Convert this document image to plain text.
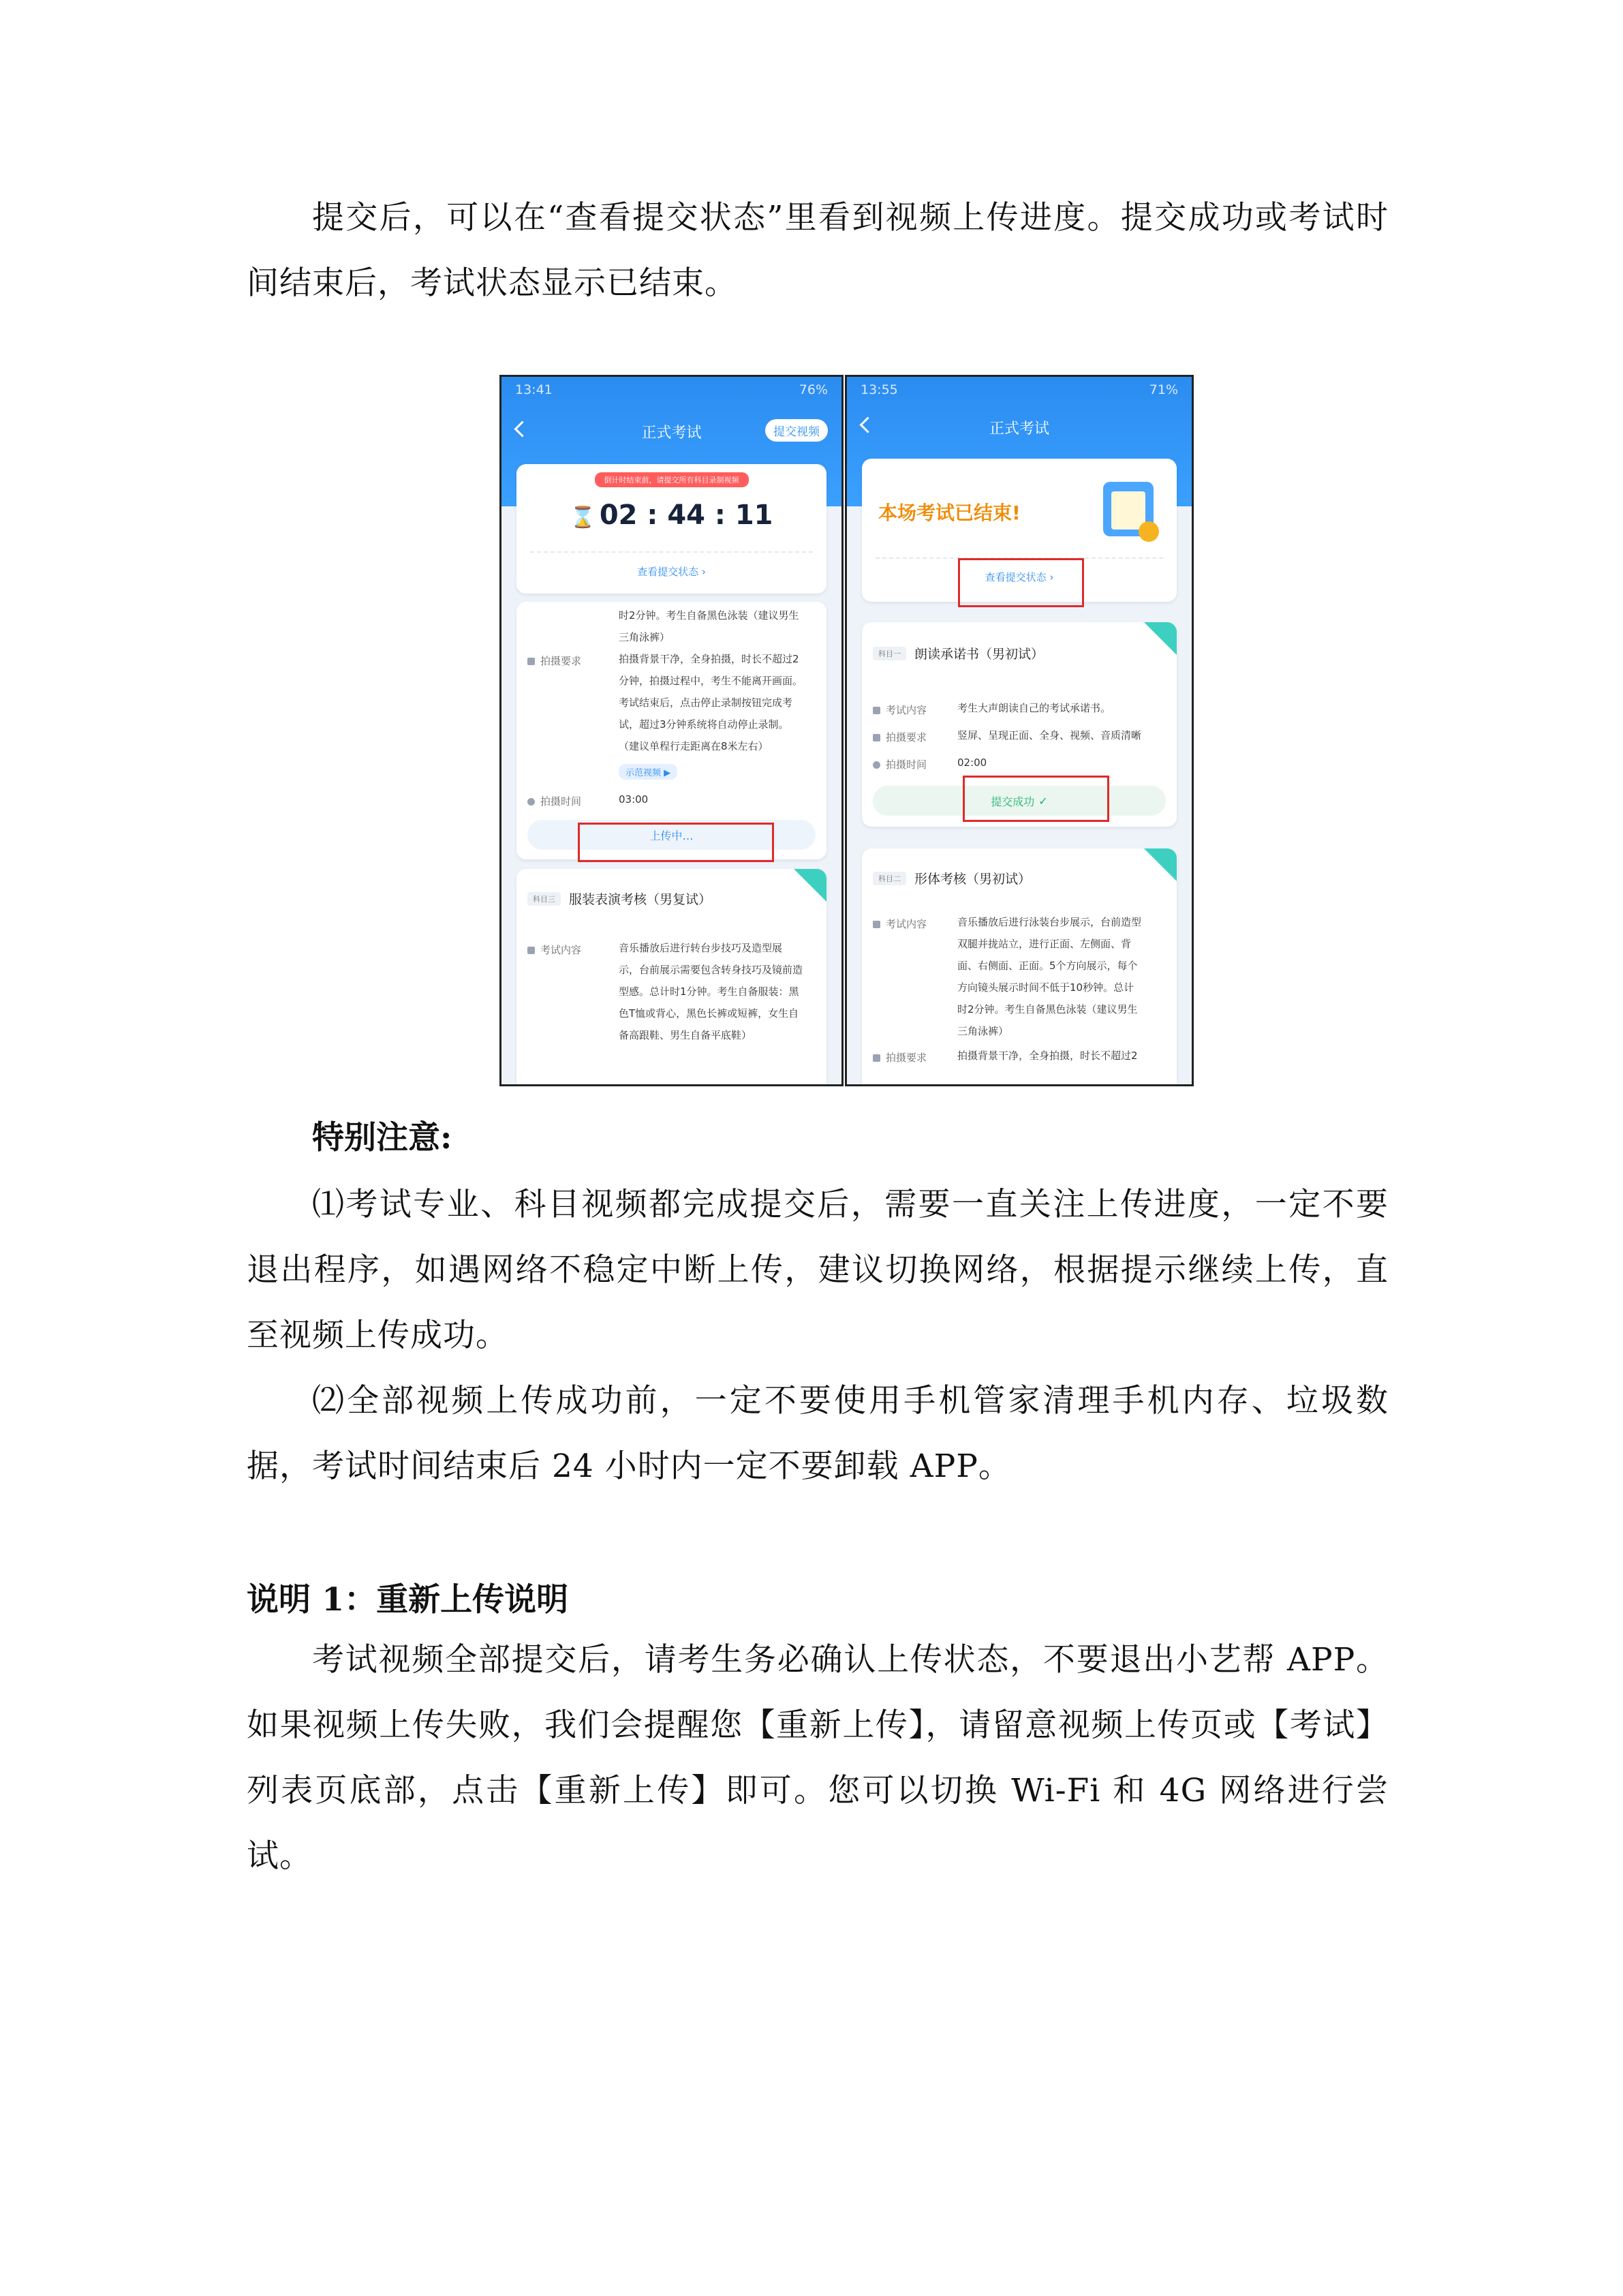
提交后，可以在“查看提交状态”里看到视频上传进度。提交成功或考试时间结束后，考试状态显示已结束。

13:41	76%
正式考试	提交视频
倒计时结束前，请提交所有科目录制视频
⌛ 02 : 44 : 11
查看提交状态 ›
时2分钟。考生自备黑色泳装（建议男生
三角泳裤）
拍摄要求	拍摄背景干净，全身拍摄，时长不超过2
分钟，拍摄过程中，考生不能离开画面。
考试结束后，点击停止录制按钮完成考
试，超过3分钟系统将自动停止录制。
（建议单程行走距离在8米左右）
示范视频 ▶
拍摄时间	03:00
上传中…
科目三 服装表演考核（男复试）
考试内容	音乐播放后进行转台步技巧及造型展
示，台前展示需要包含转身技巧及镜前造
型感。总计时1分钟。考生自备服装：黑
色T恤或背心，黑色长裤或短裤，女生自
备高跟鞋、男生自备平底鞋）
13:55	71%
正式考试
本场考试已结束!
查看提交状态 ›
科目一 朗读承诺书（男初试）
考试内容	考生大声朗读自己的考试承诺书。
拍摄要求	竖屏、呈现正面、全身、视频、音质清晰
拍摄时间	02:00
提交成功 ✓
科目二 形体考核（男初试）
考试内容	音乐播放后进行泳装台步展示，台前造型
双腿并拢站立，进行正面、左侧面、背
面、右侧面、正面。5个方向展示，每个
方向镜头展示时间不低于10秒钟。总计
时2分钟。考生自备黑色泳装（建议男生
三角泳裤）
拍摄要求	拍摄背景干净，全身拍摄，时长不超过2

特别注意:

⑴考试专业、科目视频都完成提交后，需要一直关注上传进度，一定不要退出程序，如遇网络不稳定中断上传，建议切换网络，根据提示继续上传，直至视频上传成功。

⑵全部视频上传成功前，一定不要使用手机管家清理手机内存、垃圾数据，考试时间结束后 24 小时内一定不要卸载 APP。

说明 1：重新上传说明

考试视频全部提交后，请考生务必确认上传状态，不要退出小艺帮 APP。如果视频上传失败，我们会提醒您【重新上传】，请留意视频上传页或【考试】列表页底部，点击【重新上传】即可。您可以切换 Wi-Fi 和 4G 网络进行尝试。
